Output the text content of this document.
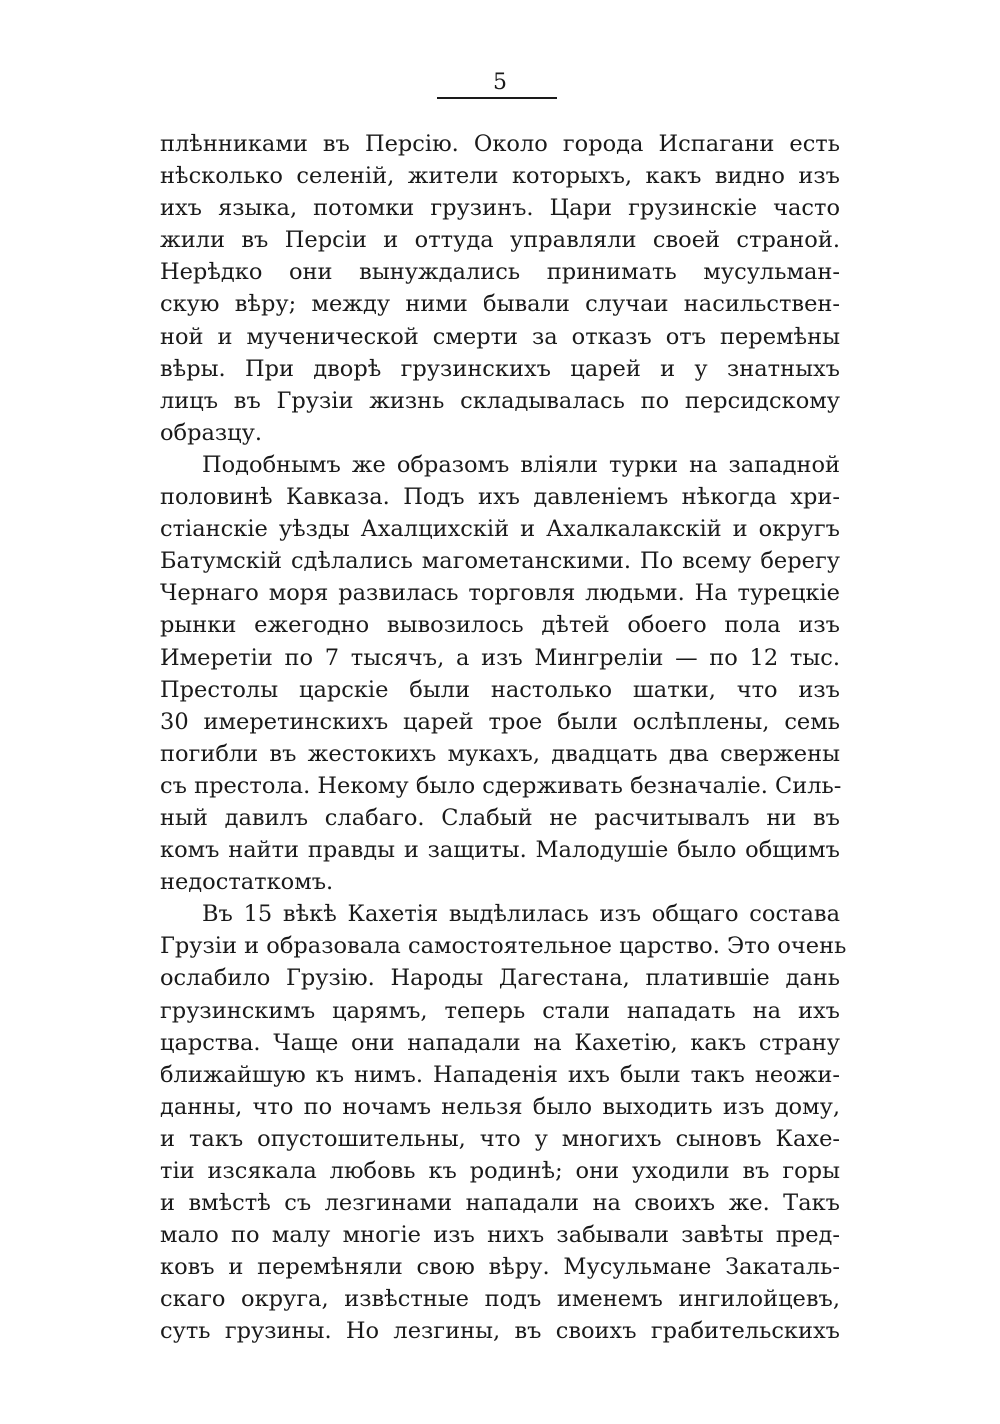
5
плѣнниками въ Персію. Около города Испагани есть
нѣсколько селеній, жители которыхъ, какъ видно изъ
ихъ языка, потомки грузинъ. Цари грузинскіе часто
жили въ Персіи и оттуда управляли своей страной.
Нерѣдко они вынуждались принимать мусульман-
скую вѣру; между ними бывали случаи насильствен-
ной и мученической смерти за отказъ отъ перемѣны
вѣры. При дворѣ грузинскихъ царей и у знатныхъ
лицъ въ Грузіи жизнь складывалась по персидскому
образцу.
Подобнымъ же образомъ вліяли турки на западной
половинѣ Кавказа. Подъ ихъ давленіемъ нѣкогда хри-
стіанскіе уѣзды Ахалцихскій и Ахалкалакскій и округъ
Батумскій сдѣлались магометанскими. По всему берегу
Чернаго моря развилась торговля людьми. На турецкіе
рынки ежегодно вывозилось дѣтей обоего пола изъ
Имеретіи по 7 тысячъ, а изъ Мингреліи — по 12 тыс.
Престолы царскіе были настолько шатки, что изъ
30 имеретинскихъ царей трое были ослѣплены, семь
погибли въ жестокихъ мукахъ, двадцать два свержены
съ престола. Некому было сдерживать безначаліе. Силь-
ный давилъ слабаго. Слабый не расчитывалъ ни въ
комъ найти правды и защиты. Малодушіе было общимъ
недостаткомъ.
Въ 15 вѣкѣ Кахетія выдѣлилась изъ общаго состава
Грузіи и образовала самостоятельное царство. Это очень
ослабило Грузію. Народы Дагестана, платившіе дань
грузинскимъ царямъ, теперь стали нападать на ихъ
царства. Чаще они нападали на Кахетію, какъ страну
ближайшую къ нимъ. Нападенія ихъ были такъ неожи-
данны, что по ночамъ нельзя было выходить изъ дому,
и такъ опустошительны, что у многихъ сыновъ Кахе-
тіи изсякала любовь къ родинѣ; они уходили въ горы
и вмѣстѣ съ лезгинами нападали на своихъ же. Такъ
мало по малу многіе изъ нихъ забывали завѣты пред-
ковъ и перемѣняли свою вѣру. Мусульмане Закаталь-
скаго округа, извѣстные подъ именемъ ингилойцевъ,
суть грузины. Но лезгины, въ своихъ грабительскихъ
